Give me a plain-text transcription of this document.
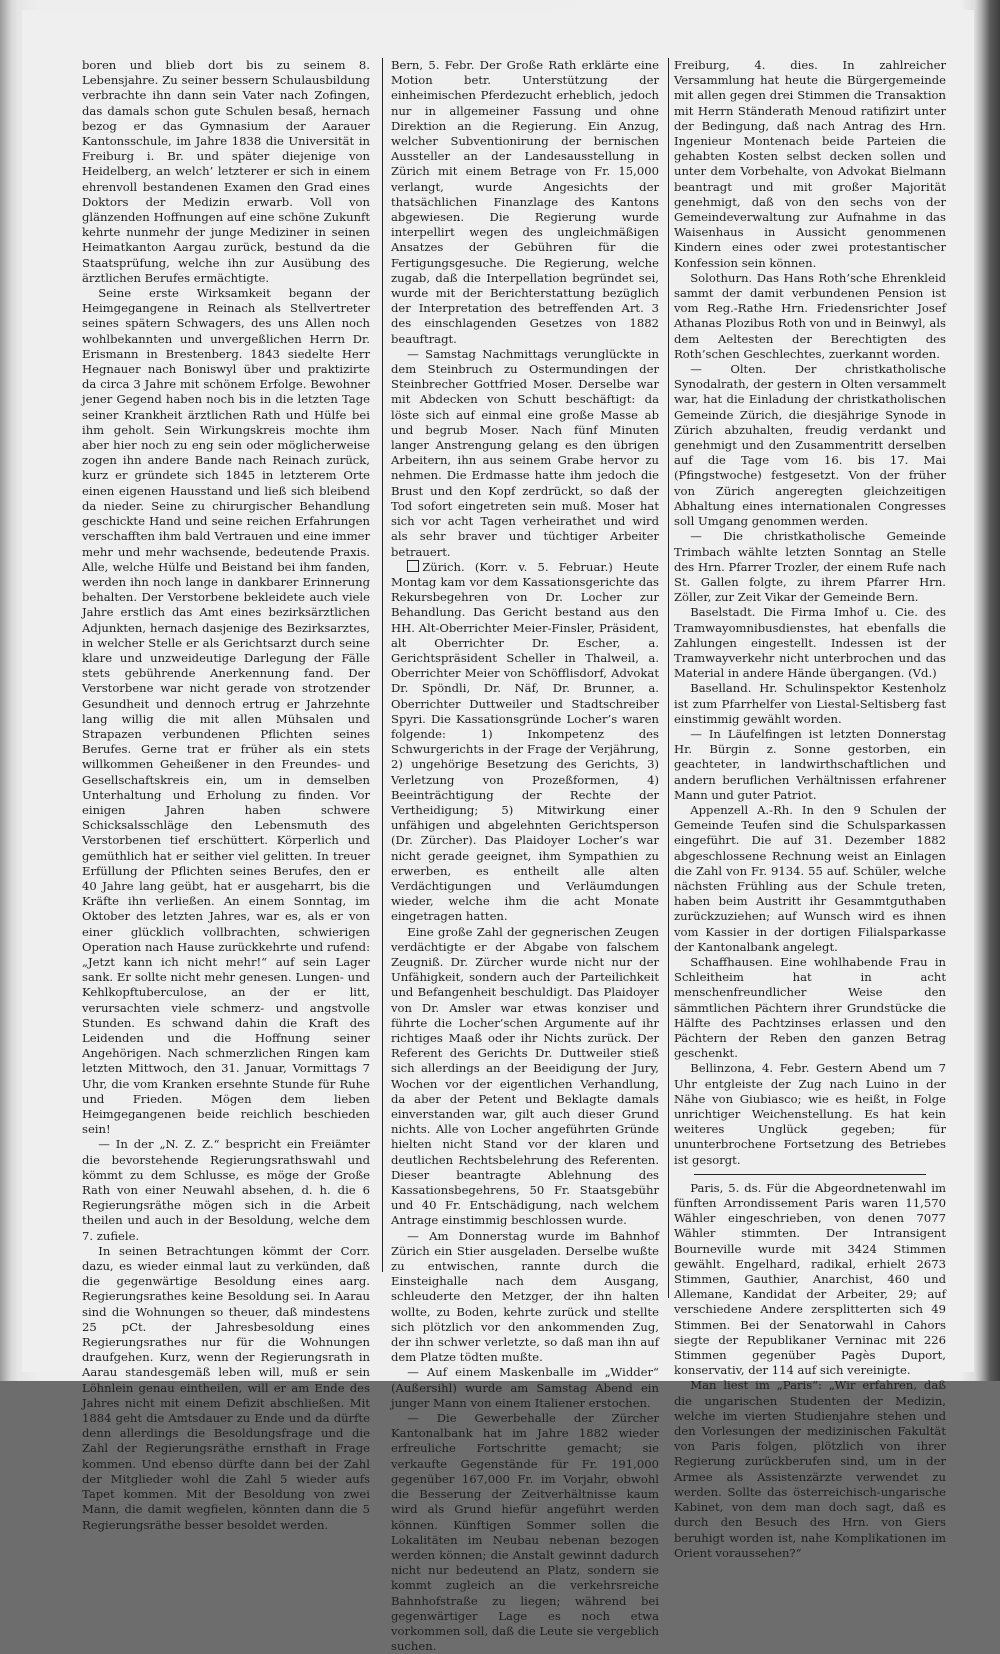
boren und blieb dort bis zu seinem 8. Lebensjahre. Zu seiner bessern Schulausbildung verbrachte ihn dann sein Vater nach Zofingen, das damals schon gute Schulen besaß, hernach bezog er das Gymnasium der Aarauer Kantonsschule, im Jahre 1838 die Universität in Freiburg i. Br. und später diejenige von Heidelberg, an welch’ letzterer er sich in einem ehrenvoll bestandenen Examen den Grad eines Doktors der Medizin erwarb. Voll von glänzenden Hoffnungen auf eine schöne Zukunft kehrte nunmehr der junge Mediziner in seinen Heimatkanton Aargau zurück, bestund da die Staatsprüfung, welche ihn zur Ausübung des ärztlichen Berufes ermächtigte.

Seine erste Wirksamkeit begann der Heimgegangene in Reinach als Stellvertreter seines spätern Schwagers, des uns Allen noch wohlbekannten und unvergeßlichen Herrn Dr. Erismann in Brestenberg. 1843 siedelte Herr Hegnauer nach Boniswyl über und praktizirte da circa 3 Jahre mit schönem Erfolge. Bewohner jener Gegend haben noch bis in die letzten Tage seiner Krankheit ärztlichen Rath und Hülfe bei ihm geholt. Sein Wirkungskreis mochte ihm aber hier noch zu eng sein oder möglicherweise zogen ihn andere Bande nach Reinach zurück, kurz er gründete sich 1845 in letzterem Orte einen eigenen Hausstand und ließ sich bleibend da nieder. Seine zu chirurgischer Behandlung geschickte Hand und seine reichen Erfahrungen verschafften ihm bald Vertrauen und eine immer mehr und mehr wachsende, bedeutende Praxis. Alle, welche Hülfe und Beistand bei ihm fanden, werden ihn noch lange in dankbarer Erinnerung behalten. Der Verstorbene bekleidete auch viele Jahre erstlich das Amt eines bezirksärztlichen Adjunkten, hernach dasjenige des Bezirksarztes, in welcher Stelle er als Gerichtsarzt durch seine klare und unzweideutige Darlegung der Fälle stets gebührende Anerkennung fand. Der Verstorbene war nicht gerade von strotzender Gesundheit und dennoch ertrug er Jahrzehnte lang willig die mit allen Mühsalen und Strapazen verbundenen Pflichten seines Berufes. Gerne trat er früher als ein stets willkommen Geheißener in den Freundes- und Gesellschaftskreis ein, um in demselben Unterhaltung und Erholung zu finden. Vor einigen Jahren haben schwere Schicksalsschläge den Lebensmuth des Verstorbenen tief erschüttert. Körperlich und gemüthlich hat er seither viel gelitten. In treuer Erfüllung der Pflichten seines Berufes, den er 40 Jahre lang geübt, hat er ausgeharrt, bis die Kräfte ihn verließen. An einem Sonntag, im Oktober des letzten Jahres, war es, als er von einer glücklich vollbrachten, schwierigen Operation nach Hause zurückkehrte und rufend: „Jetzt kann ich nicht mehr!“ auf sein Lager sank. Er sollte nicht mehr genesen. Lungen- und Kehlkopftuberculose, an der er litt, verursachten viele schmerz- und angstvolle Stunden. Es schwand dahin die Kraft des Leidenden und die Hoffnung seiner Angehörigen. Nach schmerzlichen Ringen kam letzten Mittwoch, den 31. Januar, Vormittags 7 Uhr, die vom Kranken ersehnte Stunde für Ruhe und Frieden. Mögen dem lieben Heimgegangenen beide reichlich beschieden sein!

— In der „N. Z. Z.“ bespricht ein Freiämter die bevorstehende Regierungsrathswahl und kömmt zu dem Schlusse, es möge der Große Rath von einer Neuwahl absehen, d. h. die 6 Regierungsräthe mögen sich in die Arbeit theilen und auch in der Besoldung, welche dem 7. zufiele.

In seinen Betrachtungen kömmt der Corr. dazu, es wieder einmal laut zu verkünden, daß die gegenwärtige Besoldung eines aarg. Regierungsrathes keine Besoldung sei. In Aarau sind die Wohnungen so theuer, daß mindestens 25 pCt. der Jahresbesoldung eines Regierungsrathes nur für die Wohnungen draufgehen. Kurz, wenn der Regierungsrath in Aarau standesgemäß leben will, muß er sein Löhnlein genau eintheilen, will er am Ende des Jahres nicht mit einem Defizit abschließen. Mit 1884 geht die Amtsdauer zu Ende und da dürfte denn allerdings die Besoldungsfrage und die Zahl der Regierungsräthe ernsthaft in Frage kommen. Und ebenso dürfte dann bei der Zahl der Mitglieder wohl die Zahl 5 wieder aufs Tapet kommen. Mit der Besoldung von zwei Mann, die damit wegfielen, könnten dann die 5 Regierungsräthe besser besoldet werden.

Bern, 5. Febr. Der Große Rath erklärte eine Motion betr. Unterstützung der einheimischen Pferdezucht erheblich, jedoch nur in allgemeiner Fassung und ohne Direktion an die Regierung. Ein Anzug, welcher Subventionirung der bernischen Aussteller an der Landesausstellung in Zürich mit einem Betrage von Fr. 15,000 verlangt, wurde Angesichts der thatsächlichen Finanzlage des Kantons abgewiesen. Die Regierung wurde interpellirt wegen des ungleichmäßigen Ansatzes der Gebühren für die Fertigungsgesuche. Die Regierung, welche zugab, daß die Interpellation begründet sei, wurde mit der Berichterstattung bezüglich der Interpretation des betreffenden Art. 3 des einschlagenden Gesetzes von 1882 beauftragt.

— Samstag Nachmittags verunglückte in dem Steinbruch zu Ostermundingen der Steinbrecher Gottfried Moser. Derselbe war mit Abdecken von Schutt beschäftigt: da löste sich auf einmal eine große Masse ab und begrub Moser. Nach fünf Minuten langer Anstrengung gelang es den übrigen Arbeitern, ihn aus seinem Grabe hervor zu nehmen. Die Erdmasse hatte ihm jedoch die Brust und den Kopf zerdrückt, so daß der Tod sofort eingetreten sein muß. Moser hat sich vor acht Tagen verheirathet und wird als sehr braver und tüchtiger Arbeiter betrauert.

Zürich. (Korr. v. 5. Februar.) Heute Montag kam vor dem Kassationsgerichte das Rekursbegehren von Dr. Locher zur Behandlung. Das Gericht bestand aus den HH. Alt-Oberrichter Meier-Finsler, Präsident, alt Oberrichter Dr. Escher, a. Gerichtspräsident Scheller in Thalweil, a. Oberrichter Meier von Schöfflisdorf, Advokat Dr. Spöndli, Dr. Näf, Dr. Brunner, a. Oberrichter Duttweiler und Stadtschreiber Spyri. Die Kassationsgründe Locher’s waren folgende: 1) Inkompetenz des Schwurgerichts in der Frage der Verjährung, 2) ungehörige Besetzung des Gerichts, 3) Verletzung von Prozeßformen, 4) Beeinträchtigung der Rechte der Vertheidigung; 5) Mitwirkung einer unfähigen und abgelehnten Gerichtsperson (Dr. Zürcher). Das Plaidoyer Locher’s war nicht gerade geeignet, ihm Sympathien zu erwerben, es entheilt alle alten Verdächtigungen und Verläumdungen wieder, welche ihm die acht Monate eingetragen hatten.

Eine große Zahl der gegnerischen Zeugen verdächtigte er der Abgabe von falschem Zeugniß. Dr. Zürcher wurde nicht nur der Unfähigkeit, sondern auch der Parteilichkeit und Befangenheit beschuldigt. Das Plaidoyer von Dr. Amsler war etwas konziser und führte die Locher’schen Argumente auf ihr richtiges Maaß oder ihr Nichts zurück. Der Referent des Gerichts Dr. Duttweiler stieß sich allerdings an der Beeidigung der Jury, Wochen vor der eigentlichen Verhandlung, da aber der Petent und Beklagte damals einverstanden war, gilt auch dieser Grund nichts. Alle von Locher angeführten Gründe hielten nicht Stand vor der klaren und deutlichen Rechtsbelehrung des Referenten. Dieser beantragte Ablehnung des Kassationsbegehrens, 50 Fr. Staatsgebühr und 40 Fr. Entschädigung, nach welchem Antrage einstimmig beschlossen wurde.

— Am Donnerstag wurde im Bahnhof Zürich ein Stier ausgeladen. Derselbe wußte zu entwischen, rannte durch die Einsteighalle nach dem Ausgang, schleuderte den Metzger, der ihn halten wollte, zu Boden, kehrte zurück und stellte sich plötzlich vor den ankommenden Zug, der ihn schwer verletzte, so daß man ihn auf dem Platze tödten mußte.

— Auf einem Maskenballe im „Widder“ (Außersihl) wurde am Samstag Abend ein junger Mann von einem Italiener erstochen.

— Die Gewerbehalle der Zürcher Kantonalbank hat im Jahre 1882 wieder erfreuliche Fortschritte gemacht; sie verkaufte Gegenstände für Fr. 191,000 gegenüber 167,000 Fr. im Vorjahr, obwohl die Besserung der Zeitverhältnisse kaum wird als Grund hiefür angeführt werden können. Künftigen Sommer sollen die Lokalitäten im Neubau nebenan bezogen werden können; die Anstalt gewinnt dadurch nicht nur bedeutend an Platz, sondern sie kommt zugleich an die verkehrsreiche Bahnhofstraße zu liegen; während bei gegenwärtiger Lage es noch etwa vorkommen soll, daß die Leute sie vergeblich suchen.

Freiburg, 4. dies. In zahlreicher Versammlung hat heute die Bürgergemeinde mit allen gegen drei Stimmen die Transaktion mit Herrn Ständerath Menoud ratifizirt unter der Bedingung, daß nach Antrag des Hrn. Ingenieur Montenach beide Parteien die gehabten Kosten selbst decken sollen und unter dem Vorbehalte, von Advokat Bielmann beantragt und mit großer Majorität genehmigt, daß von den sechs von der Gemeindeverwaltung zur Aufnahme in das Waisenhaus in Aussicht genommenen Kindern eines oder zwei protestantischer Konfession sein können.

Solothurn. Das Hans Roth’sche Ehrenkleid sammt der damit verbundenen Pension ist vom Reg.-Rathe Hrn. Friedensrichter Josef Athanas Plozibus Roth von und in Beinwyl, als dem Aeltesten der Berechtigten des Roth’schen Geschlechtes, zuerkannt worden.

— Olten. Der christkatholische Synodalrath, der gestern in Olten versammelt war, hat die Einladung der christkatholischen Gemeinde Zürich, die diesjährige Synode in Zürich abzuhalten, freudig verdankt und genehmigt und den Zusammentritt derselben auf die Tage vom 16. bis 17. Mai (Pfingstwoche) festgesetzt. Von der früher von Zürich angeregten gleichzeitigen Abhaltung eines internationalen Congresses soll Umgang genommen werden.

— Die christkatholische Gemeinde Trimbach wählte letzten Sonntag an Stelle des Hrn. Pfarrer Trozler, der einem Rufe nach St. Gallen folgte, zu ihrem Pfarrer Hrn. Zöller, zur Zeit Vikar der Gemeinde Bern.

Baselstadt. Die Firma Imhof u. Cie. des Tramwayomnibusdienstes, hat ebenfalls die Zahlungen eingestellt. Indessen ist der Tramwayverkehr nicht unterbrochen und das Material in andere Hände übergangen. (Vd.)

Baselland. Hr. Schulinspektor Kestenholz ist zum Pfarrhelfer von Liestal-Seltisberg fast einstimmig gewählt worden.

— In Läufelfingen ist letzten Donnerstag Hr. Bürgin z. Sonne gestorben, ein geachteter, in landwirthschaftlichen und andern beruflichen Verhältnissen erfahrener Mann und guter Patriot.

Appenzell A.-Rh. In den 9 Schulen der Gemeinde Teufen sind die Schulsparkassen eingeführt. Die auf 31. Dezember 1882 abgeschlossene Rechnung weist an Einlagen die Zahl von Fr. 9134. 55 auf. Schüler, welche nächsten Frühling aus der Schule treten, haben beim Austritt ihr Gesammtguthaben zurückzuziehen; auf Wunsch wird es ihnen vom Kassier in der dortigen Filialsparkasse der Kantonalbank angelegt.

Schaffhausen. Eine wohlhabende Frau in Schleitheim hat in acht menschenfreundlicher Weise den sämmtlichen Pächtern ihrer Grundstücke die Hälfte des Pachtzinses erlassen und den Pächtern der Reben den ganzen Betrag geschenkt.

Bellinzona, 4. Febr. Gestern Abend um 7 Uhr entgleiste der Zug nach Luino in der Nähe von Giubiasco; wie es heißt, in Folge unrichtiger Weichenstellung. Es hat kein weiteres Unglück gegeben; für ununterbrochene Fortsetzung des Betriebes ist gesorgt.

Paris, 5. ds. Für die Abgeordnetenwahl im fünften Arrondissement Paris waren 11,570 Wähler eingeschrieben, von denen 7077 Wähler stimmten. Der Intransigent Bourneville wurde mit 3424 Stimmen gewählt. Engelhard, radikal, erhielt 2673 Stimmen, Gauthier, Anarchist, 460 und Allemane, Kandidat der Arbeiter, 29; auf verschiedene Andere zersplitterten sich 49 Stimmen. Bei der Senatorwahl in Cahors siegte der Republikaner Verninac mit 226 Stimmen gegenüber Pagès Duport, konservativ, der 114 auf sich vereinigte.

Man liest im „Paris“: „Wir erfahren, daß die ungarischen Studenten der Medizin, welche im vierten Studienjahre stehen und den Vorlesungen der medizinischen Fakultät von Paris folgen, plötzlich von ihrer Regierung zurückberufen sind, um in der Armee als Assistenzärzte verwendet zu werden. Sollte das österreichisch-ungarische Kabinet, von dem man doch sagt, daß es durch den Besuch des Hrn. von Giers beruhigt worden ist, nahe Komplikationen im Orient voraussehen?“
